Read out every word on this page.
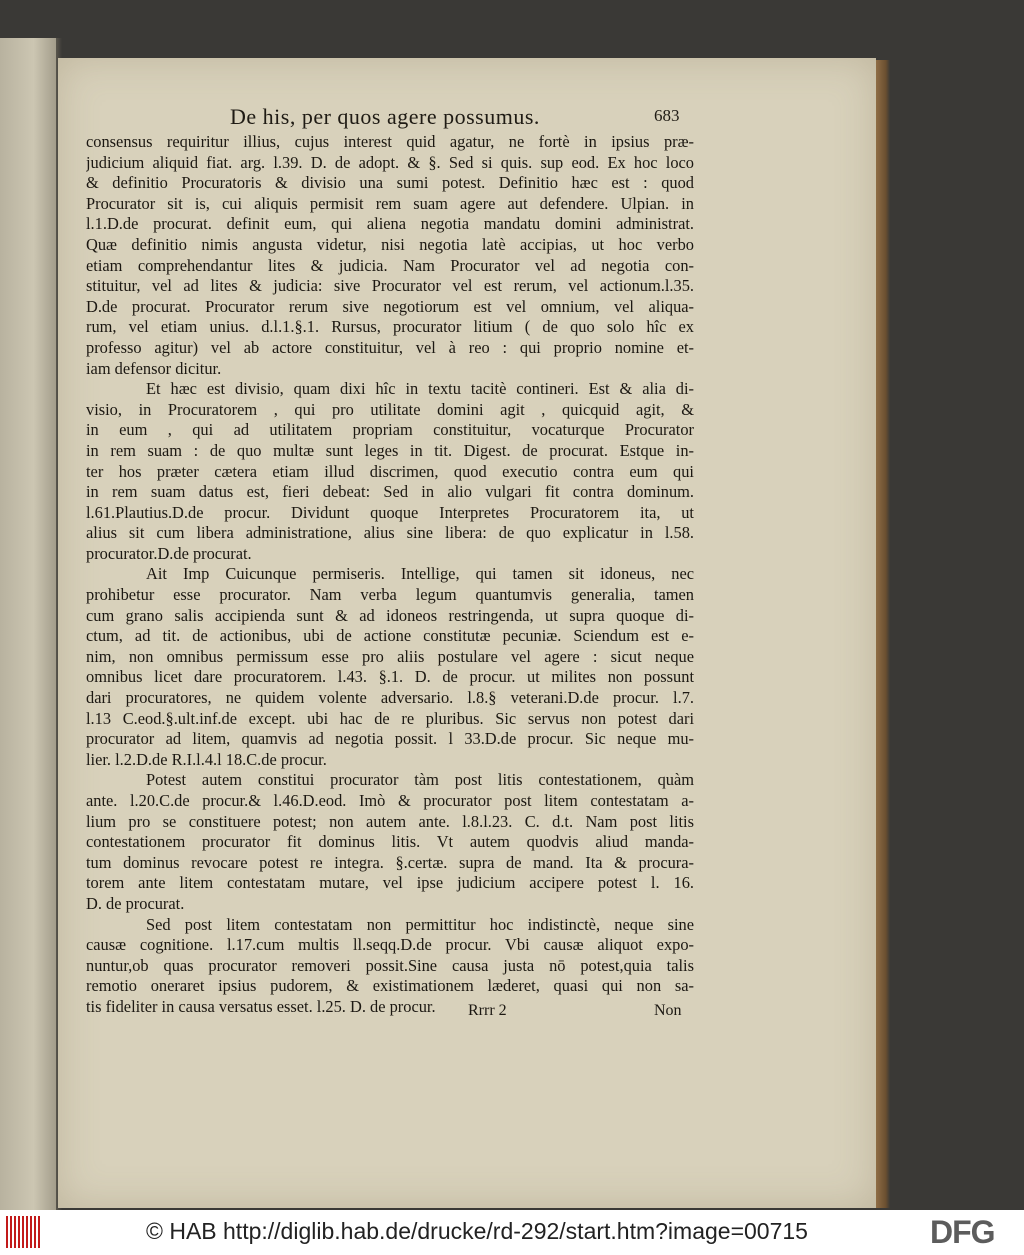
De his, per quos agere possumus.	683
consensus requiritur illius, cujus interest quid agatur, ne fortè in ipsius præ-
judicium aliquid fiat. arg. l.39. D. de adopt. & §. Sed si quis. sup eod. Ex hoc loco
& definitio Procuratoris & divisio una sumi potest. Definitio hæc est : quod
Procurator sit is, cui aliquis permisit rem suam agere aut defendere. Ulpian. in
l.1.D.de procurat. definit eum, qui aliena negotia mandatu domini administrat.
Quæ definitio nimis angusta videtur, nisi negotia latè accipias, ut hoc verbo
etiam comprehendantur lites & judicia. Nam Procurator vel ad negotia con-
stituitur, vel ad lites & judicia: sive Procurator vel est rerum, vel actionum.l.35.
D.de procurat. Procurator rerum sive negotiorum est vel omnium, vel aliqua-
rum, vel etiam unius. d.l.1.§.1. Rursus, procurator litium ( de quo solo hîc ex
professo agitur) vel ab actore constituitur, vel à reo : qui proprio nomine et-
iam defensor dicitur.
Et hæc est divisio, quam dixi hîc in textu tacitè contineri. Est & alia di-
visio, in Procuratorem , qui pro utilitate domini agit , quicquid agit, &
in eum , qui ad utilitatem propriam constituitur, vocaturque Procurator
in rem suam : de quo multæ sunt leges in tit. Digest. de procurat. Estque in-
ter hos præter cætera etiam illud discrimen, quod executio contra eum qui
in rem suam datus est, fieri debeat: Sed in alio vulgari fit contra dominum.
l.61.Plautius.D.de procur. Dividunt quoque Interpretes Procuratorem ita, ut
alius sit cum libera administratione, alius sine libera: de quo explicatur in l.58.
procurator.D.de procurat.
Ait Imp Cuicunque permiseris. Intellige, qui tamen sit idoneus, nec
prohibetur esse procurator. Nam verba legum quantumvis generalia, tamen
cum grano salis accipienda sunt & ad idoneos restringenda, ut supra quoque di-
ctum, ad tit. de actionibus, ubi de actione constitutæ pecuniæ. Sciendum est e-
nim, non omnibus permissum esse pro aliis postulare vel agere : sicut neque
omnibus licet dare procuratorem. l.43. §.1. D. de procur. ut milites non possunt
dari procuratores, ne quidem volente adversario. l.8.§ veterani.D.de procur. l.7.
l.13 C.eod.§.ult.inf.de except. ubi hac de re pluribus. Sic servus non potest dari
procurator ad litem, quamvis ad negotia possit. l 33.D.de procur. Sic neque mu-
lier. l.2.D.de R.I.l.4.l 18.C.de procur.
Potest autem constitui procurator tàm post litis contestationem, quàm
ante. l.20.C.de procur.& l.46.D.eod. Imò & procurator post litem contestatam a-
lium pro se constituere potest; non autem ante. l.8.l.23. C. d.t. Nam post litis
contestationem procurator fit dominus litis. Vt autem quodvis aliud manda-
tum dominus revocare potest re integra. §.certæ. supra de mand. Ita & procura-
torem ante litem contestatam mutare, vel ipse judicium accipere potest l. 16.
D. de procurat.
Sed post litem contestatam non permittitur hoc indistinctè, neque sine
causæ cognitione. l.17.cum multis ll.seqq.D.de procur. Vbi causæ aliquot expo-
nuntur,ob quas procurator removeri possit.Sine causa justa nō potest,quia talis
remotio oneraret ipsius pudorem, & existimationem læderet, quasi qui non sa-
tis fideliter in causa versatus esset. l.25. D. de procur.	Rrrr 2	Non
© HAB http://diglib.hab.de/drucke/rd-292/start.htm?image=00715	DFG
